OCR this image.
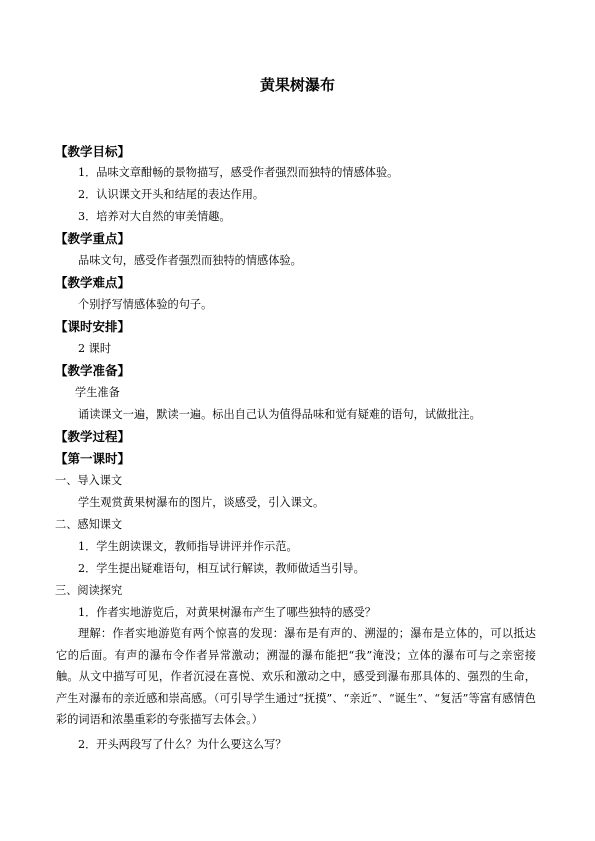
黄果树瀑布
【教学目标】
1．品味文章酣畅的景物描写，感受作者强烈而独特的情感体验。
2．认识课文开头和结尾的表达作用。
3．培养对大自然的审美情趣。
【教学重点】
品味文句，感受作者强烈而独特的情感体验。
【教学难点】
个别抒写情感体验的句子。
【课时安排】
2 课时
【教学准备】
学生准备
诵读课文一遍，默读一遍。标出自己认为值得品味和觉有疑难的语句，试做批注。
【教学过程】
【第一课时】
一、导入课文
学生观赏黄果树瀑布的图片，谈感受，引入课文。
二、感知课文
1．学生朗读课文，教师指导讲评并作示范。
2．学生提出疑难语句，相互试行解读，教师做适当引导。
三、阅读探究
1．作者实地游览后，对黄果树瀑布产生了哪些独特的感受？
理解：作者实地游览有两个惊喜的发现：瀑布是有声的、溯湿的；瀑布是立体的，可以抵达它的后面。有声的瀑布令作者异常激动；溯湿的瀑布能把“我”淹没；立体的瀑布可与之亲密接触。从文中描写可见，作者沉浸在喜悦、欢乐和激动之中，感受到瀑布那具体的、强烈的生命，产生对瀑布的亲近感和崇高感。（可引导学生通过“抚摸”、“亲近”、“诞生”、“复活”等富有感情色彩的词语和浓墨重彩的夸张描写去体会。）
2．开头两段写了什么？为什么要这么写？
